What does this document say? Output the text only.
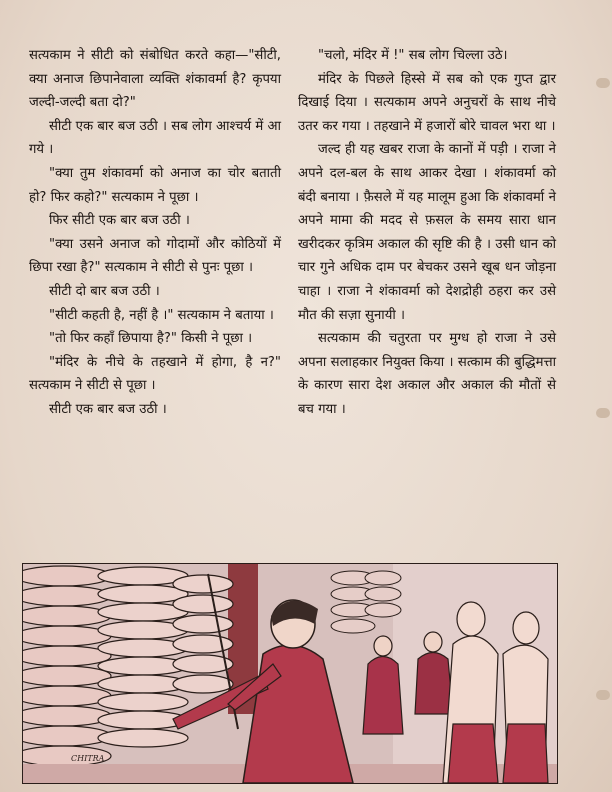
सत्यकाम ने सीटी को संबोधित करते कहा—"सीटी, क्या अनाज छिपानेवाला व्यक्ति शंकावर्मा है? कृपया जल्दी-जल्दी बता दो?"

सीटी एक बार बज उठी । सब लोग आश्चर्य में आ गये ।

"क्या तुम शंकावर्मा को अनाज का चोर बताती हो? फिर कहो?" सत्यकाम ने पूछा ।

फिर सीटी एक बार बज उठी ।

"क्या उसने अनाज को गोदामों और कोठियों में छिपा रखा है?" सत्यकाम ने सीटी से पुनः पूछा ।

सीटी दो बार बज उठी ।

"सीटी कहती है, नहीं है ।" सत्यकाम ने बताया ।

"तो फिर कहाँ छिपाया है?" किसी ने पूछा ।

"मंदिर के नीचे के तहखाने में होगा, है न?" सत्यकाम ने सीटी से पूछा ।

सीटी एक बार बज उठी ।

"चलो, मंदिर में !" सब लोग चिल्ला उठे।

मंदिर के पिछले हिस्से में सब को एक गुप्त द्वार दिखाई दिया । सत्यकाम अपने अनुचरों के साथ नीचे उतर कर गया । तहखाने में हजारों बोरे चावल भरा था ।

जल्द ही यह खबर राजा के कानों में पड़ी । राजा ने अपने दल-बल के साथ आकर देखा । शंकावर्मा को बंदी बनाया । फ़ैसले में यह मालूम हुआ कि शंकावर्मा ने अपने मामा की मदद से फ़सल के समय सारा धान खरीदकर कृत्रिम अकाल की सृष्टि की है । उसी धान को चार गुने अधिक दाम पर बेचकर उसने खूब धन जोड़ना चाहा । राजा ने शंकावर्मा को देशद्रोही ठहरा कर उसे मौत की सज़ा सुनायी ।

सत्यकाम की चतुरता पर मुग्ध हो राजा ने उसे अपना सलाहकार नियुक्त किया । सत्काम की बुद्धिमत्ता के कारण सारा देश अकाल और अकाल की मौतों से बच गया ।

CHITRA
